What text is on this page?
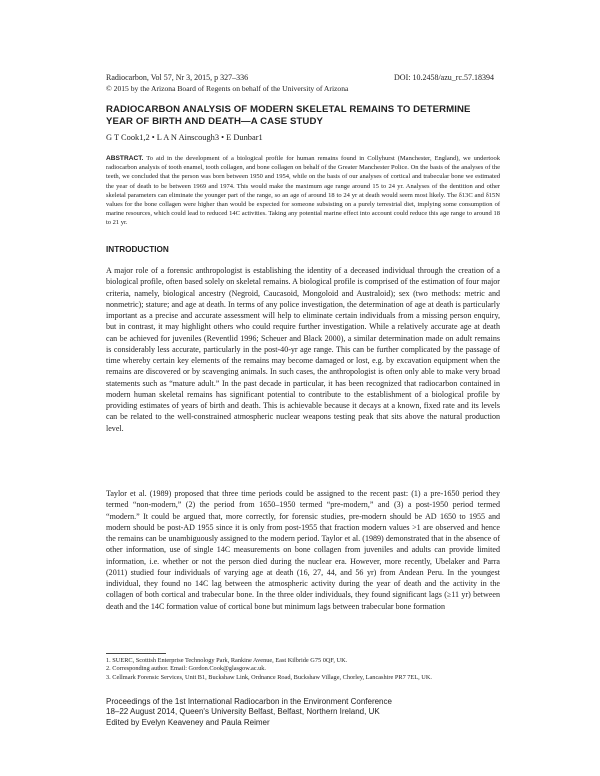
Radiocarbon, Vol 57, Nr 3, 2015, p 327–336	DOI: 10.2458/azu_rc.57.18394
© 2015 by the Arizona Board of Regents on behalf of the University of Arizona
RADIOCARBON ANALYSIS OF MODERN SKELETAL REMAINS TO DETERMINE
YEAR OF BIRTH AND DEATH—A CASE STUDY
G T Cook1,2 • L A N Ainscough3 • E Dunbar1
ABSTRACT. To aid in the development of a biological profile for human remains found in Collyhurst (Manchester, England), we undertook radiocarbon analysis of tooth enamel, tooth collagen, and bone collagen on behalf of the Greater Manchester Police. On the basis of the analyses of the teeth, we concluded that the person was born between 1950 and 1954, while on the basis of our analyses of cortical and trabecular bone we estimated the year of death to be between 1969 and 1974. This would make the maximum age range around 15 to 24 yr. Analyses of the dentition and other skeletal parameters can eliminate the younger part of the range, so an age of around 18 to 24 yr at death would seem most likely. The δ13C and δ15N values for the bone collagen were higher than would be expected for someone subsisting on a purely terrestrial diet, implying some consumption of marine resources, which could lead to reduced 14C activities. Taking any potential marine effect into account could reduce this age range to around 18 to 21 yr.
INTRODUCTION

A major role of a forensic anthropologist is establishing the identity of a deceased individual through the creation of a biological profile, often based solely on skeletal remains. A biological profile is comprised of the estimation of four major criteria, namely, biological ancestry (Negroid, Caucasoid, Mongoloid and Australoid); sex (two methods: metric and nonmetric); stature; and age at death. In terms of any police investigation, the determination of age at death is particularly important as a precise and accurate assessment will help to eliminate certain individuals from a missing person enquiry, but in contrast, it may highlight others who could require further investigation. While a relatively accurate age at death can be achieved for juveniles (Reventlid 1996; Scheuer and Black 2000), a similar determination made on adult remains is considerably less accurate, particularly in the post-40-yr age range. This can be further complicated by the passage of time whereby certain key elements of the remains may become damaged or lost, e.g. by excavation equipment when the remains are discovered or by scavenging animals. In such cases, the anthropologist is often only able to make very broad statements such as “mature adult.” In the past decade in particular, it has been recognized that radiocarbon contained in modern human skeletal remains has significant potential to contribute to the establishment of a biological profile by providing estimates of years of birth and death. This is achievable because it decays at a known, fixed rate and its levels can be related to the well-constrained atmospheric nuclear weapons testing peak that sits above the natural production level.

Taylor et al. (1989) proposed that three time periods could be assigned to the recent past: (1) a pre-1650 period they termed “non-modern,” (2) the period from 1650–1950 termed “pre-modern,” and (3) a post-1950 period termed “modern.” It could be argued that, more correctly, for forensic studies, pre-modern should be AD 1650 to 1955 and modern should be post-AD 1955 since it is only from post-1955 that fraction modern values >1 are observed and hence the remains can be unambiguously assigned to the modern period. Taylor et al. (1989) demonstrated that in the absence of other information, use of single 14C measurements on bone collagen from juveniles and adults can provide limited information, i.e. whether or not the person died during the nuclear era. However, more recently, Ubelaker and Parra (2011) studied four individuals of varying age at death (16, 27, 44, and 56 yr) from Andean Peru. In the youngest individual, they found no 14C lag between the atmospheric activity during the year of death and the activity in the collagen of both cortical and trabecular bone. In the three older individuals, they found significant lags (≥11 yr) between death and the 14C formation value of cortical bone but minimum lags between trabecular bone formation

1. SUERC, Scottish Enterprise Technology Park, Rankine Avenue, East Kilbride G75 0QF, UK.
2. Corresponding author. Email: Gordon.Cook@glasgow.ac.uk.
3. Cellmark Forensic Services, Unit B1, Buckshaw Link, Ordnance Road, Buckshaw Village, Chorley, Lancashire PR7 7EL, UK.
Proceedings of the 1st International Radiocarbon in the Environment Conference
18–22 August 2014, Queen's University Belfast, Belfast, Northern Ireland, UK
Edited by Evelyn Keaveney and Paula Reimer
